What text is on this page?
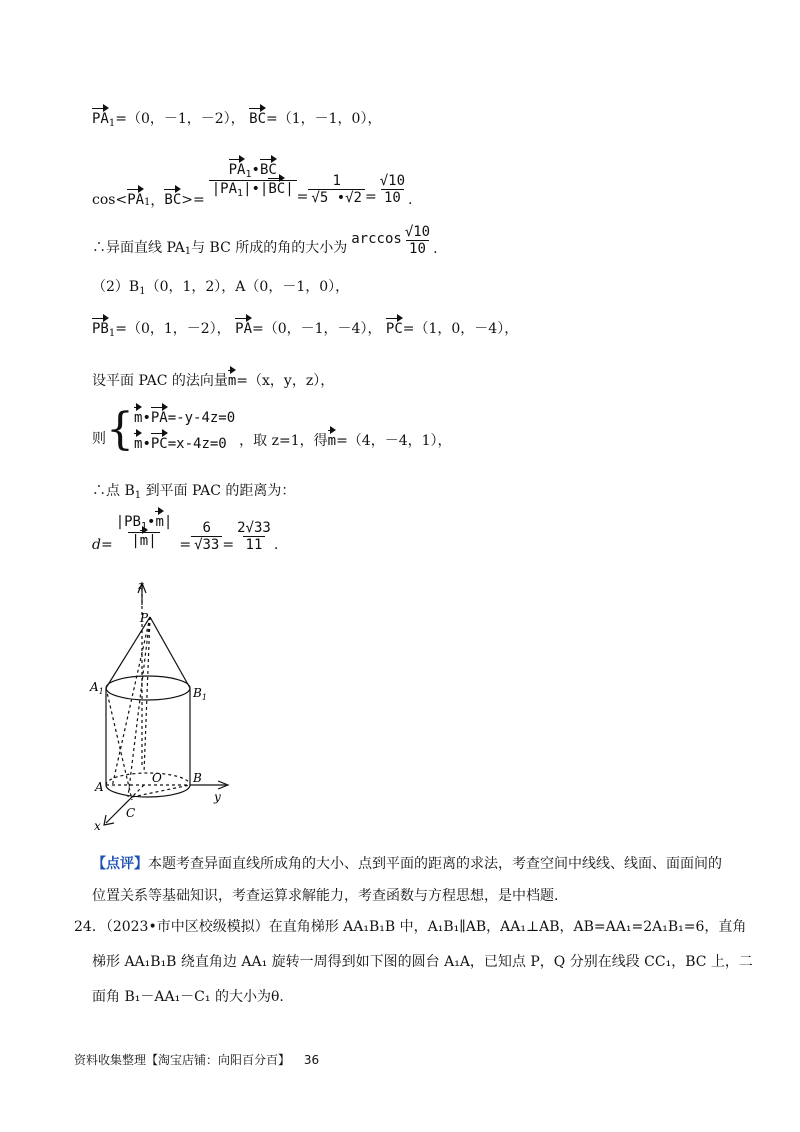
$PA_1=(0$，－1，－2）， BC=（1，－1，0），
cos< PA 1 ， BC >=
$\frac{PA_1•BC}{|PA_1|•|BC|} = \frac{1}{√5 •√2} = \frac{√10}{10}$ .
∴异面直线 $PA_1$ 与 BC 所成的角的大小为
$\arccos \frac{√10}{10}$ .
$(2)B_1(0$，1，2），A（0，－1，0），
$PB_1=(0$，1，－2）， PA=（0，－1，－4）， PC=（1，0，－4），
设平面 PAC 的法向量m=（x，y，z），
则 { m•PA=-y-4z=0
m•PC=x-4z=0 ，取 z=1，得m=（4，－4，1），
∴点 $B_1$ 到平面 PAC 的距离为：
$d= \frac{|PB_1•m|}{|m|} = \frac{6}{√33} = \frac{2√33}{11}$ .
z
P
$A_1$	$B_1$
A
O	B
y
C
x
【点评】本题考查异面直线所成角的大小、点到平面的距离的求法，考查空间中线线、线面、面面间的
位置关系等基础知识，考查运算求解能力，考查函数与方程思想，是中档题.
24．（2023•市中区校级模拟）在直角梯形 AA₁B₁B 中，A₁B₁∥AB，AA₁⊥AB，AB=AA₁=2A₁B₁=6，直角
梯形 AA₁B₁B 绕直角边 AA₁ 旋转一周得到如下图的圆台 A₁A，已知点 P，Q 分别在线段 CC₁，BC 上，二
面角 B₁－AA₁－C₁ 的大小为θ.
资料收集整理【淘宝店铺：向阳百分百】 36
